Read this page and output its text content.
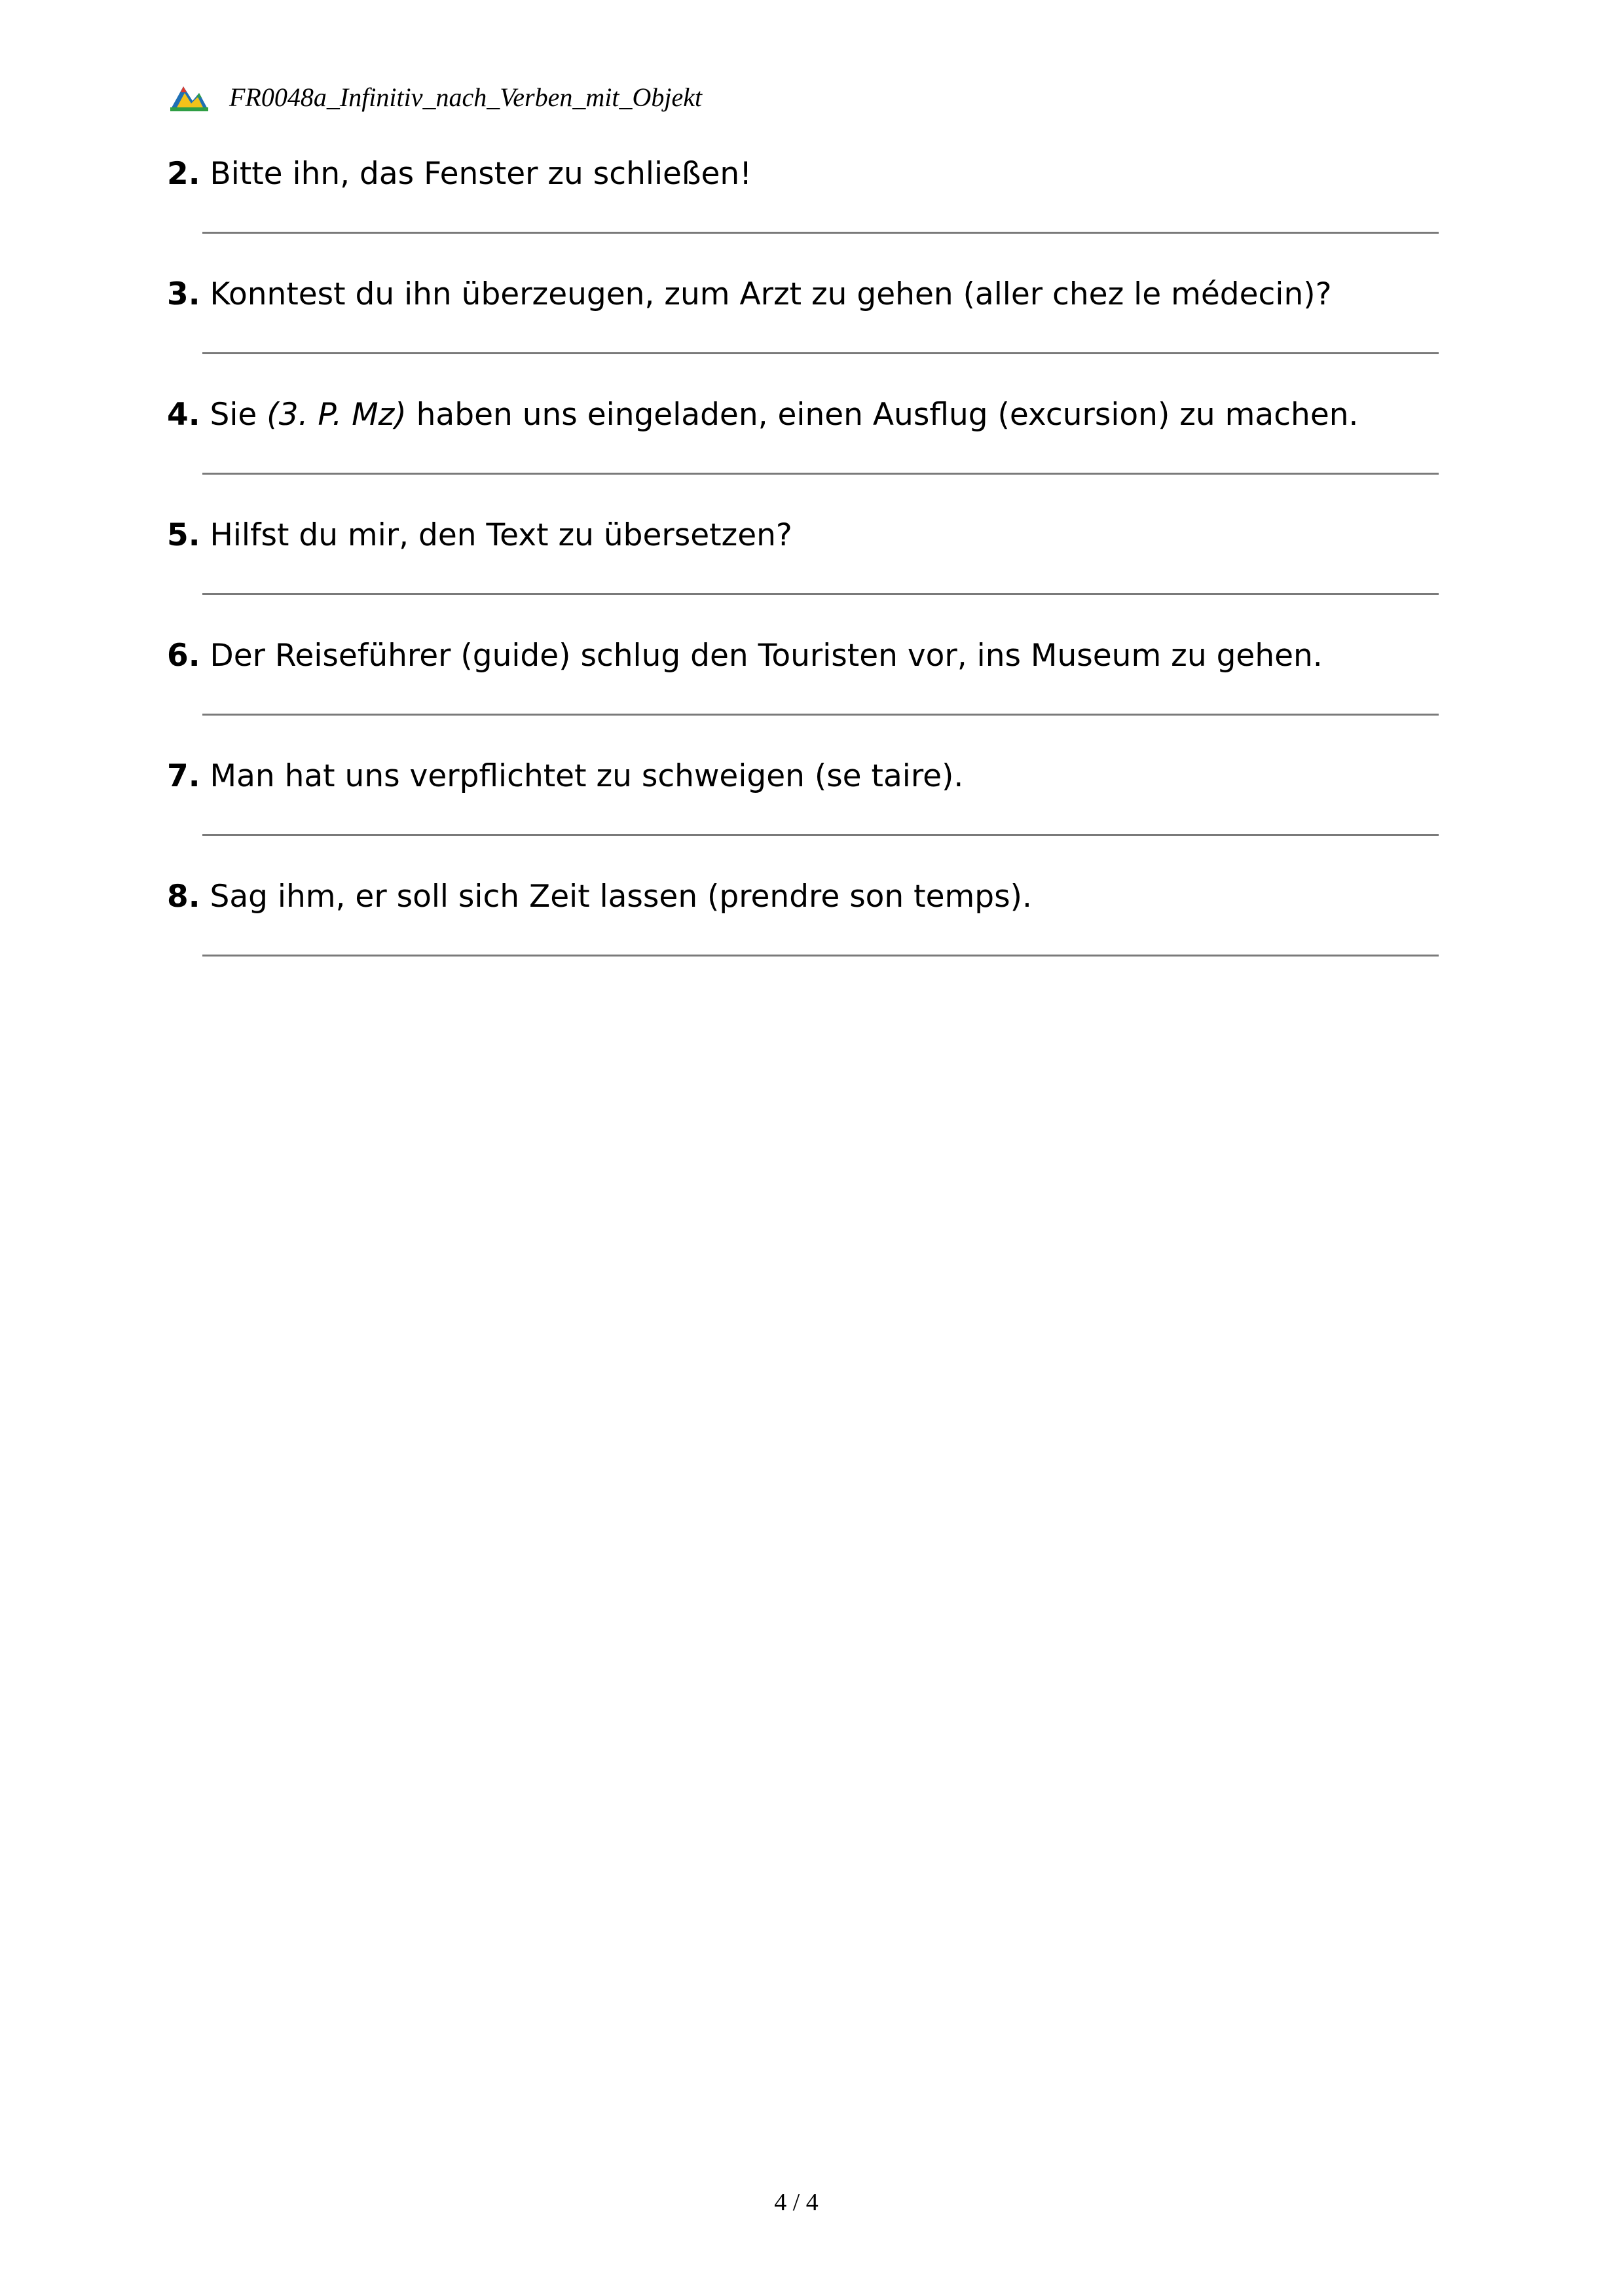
FR0048a_Infinitiv_nach_Verben_mit_Objekt
2. Bitte ihn, das Fenster zu schließen!
3. Konntest du ihn überzeugen, zum Arzt zu gehen (aller chez le médecin)?
4. Sie (3. P. Mz) haben uns eingeladen, einen Ausflug (excursion) zu machen.
5. Hilfst du mir, den Text zu übersetzen?
6. Der Reiseführer (guide) schlug den Touristen vor, ins Museum zu gehen.
7. Man hat uns verpflichtet zu schweigen (se taire).
8. Sag ihm, er soll sich Zeit lassen (prendre son temps).
4 / 4
